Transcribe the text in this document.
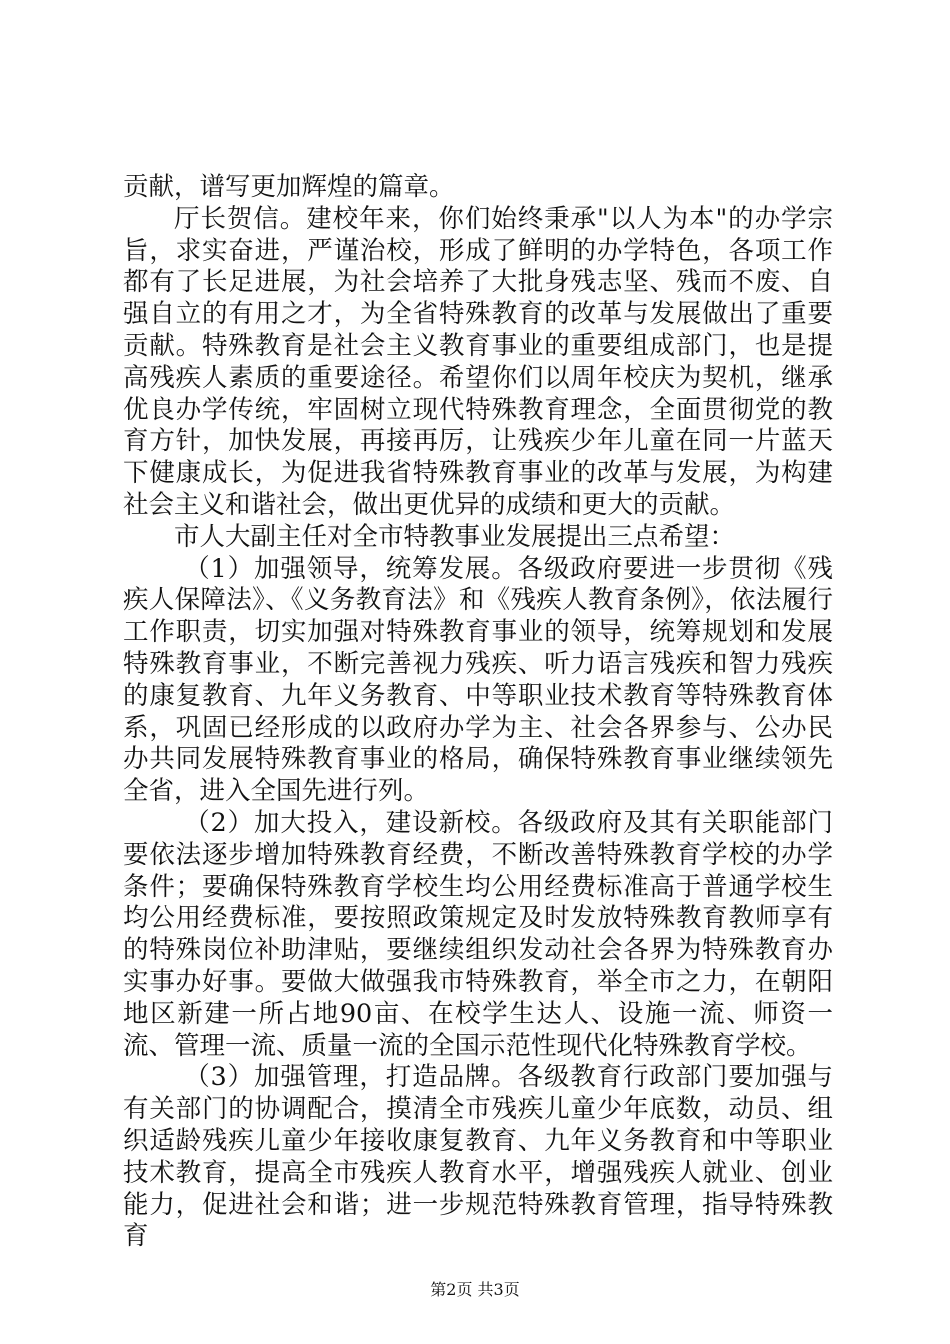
贡献，谱写更加辉煌的篇章。

厅长贺信。建校年来，你们始终秉承"以人为本"的办学宗旨，求实奋进，严谨治校，形成了鲜明的办学特色，各项工作都有了长足进展，为社会培养了大批身残志坚、残而不废、自强自立的有用之才，为全省特殊教育的改革与发展做出了重要贡献。特殊教育是社会主义教育事业的重要组成部门，也是提高残疾人素质的重要途径。希望你们以周年校庆为契机，继承优良办学传统，牢固树立现代特殊教育理念，全面贯彻党的教育方针，加快发展，再接再厉，让残疾少年儿童在同一片蓝天下健康成长，为促进我省特殊教育事业的改革与发展，为构建社会主义和谐社会，做出更优异的成绩和更大的贡献。

市人大副主任对全市特教事业发展提出三点希望：

（1）加强领导，统筹发展。各级政府要进一步贯彻《残疾人保障法》、《义务教育法》和《残疾人教育条例》，依法履行工作职责，切实加强对特殊教育事业的领导，统筹规划和发展特殊教育事业，不断完善视力残疾、听力语言残疾和智力残疾的康复教育、九年义务教育、中等职业技术教育等特殊教育体系，巩固已经形成的以政府办学为主、社会各界参与、公办民办共同发展特殊教育事业的格局，确保特殊教育事业继续领先全省，进入全国先进行列。

（2）加大投入，建设新校。各级政府及其有关职能部门要依法逐步增加特殊教育经费，不断改善特殊教育学校的办学条件；要确保特殊教育学校生均公用经费标准高于普通学校生均公用经费标准，要按照政策规定及时发放特殊教育教师享有的特殊岗位补助津贴，要继续组织发动社会各界为特殊教育办实事办好事。要做大做强我市特殊教育，举全市之力，在朝阳地区新建一所占地90亩、在校学生达人、设施一流、师资一流、管理一流、质量一流的全国示范性现代化特殊教育学校。

（3）加强管理，打造品牌。各级教育行政部门要加强与有关部门的协调配合，摸清全市残疾儿童少年底数，动员、组织适龄残疾儿童少年接收康复教育、九年义务教育和中等职业技术教育，提高全市残疾人教育水平，增强残疾人就业、创业能力，促进社会和谐；进一步规范特殊教育管理，指导特殊教育

第2页 共3页
